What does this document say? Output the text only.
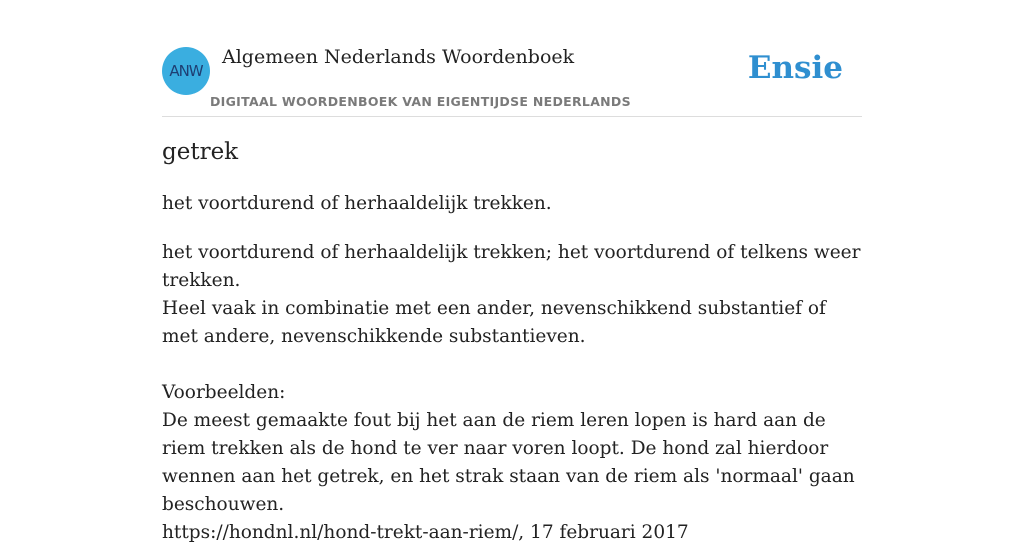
ANW
Algemeen Nederlands Woordenboek
DIGITAAL WOORDENBOEK VAN EIGENTIJDSE NEDERLANDS
Ensie
getrek
het voortdurend of herhaaldelijk trekken.

het voortdurend of herhaaldelijk trekken; het voortdurend of telkens weer trekken.

Heel vaak in combinatie met een ander, nevenschikkend substantief of met andere, nevenschikkende substantieven.

Voorbeelden:

De meest gemaakte fout bij het aan de riem leren lopen is hard aan de riem trekken als de hond te ver naar voren loopt. De hond zal hierdoor wennen aan het getrek, en het strak staan van de riem als 'normaal' gaan beschouwen.

https://hondnl.nl/hond-trekt-aan-riem/, 17 februari 2017
